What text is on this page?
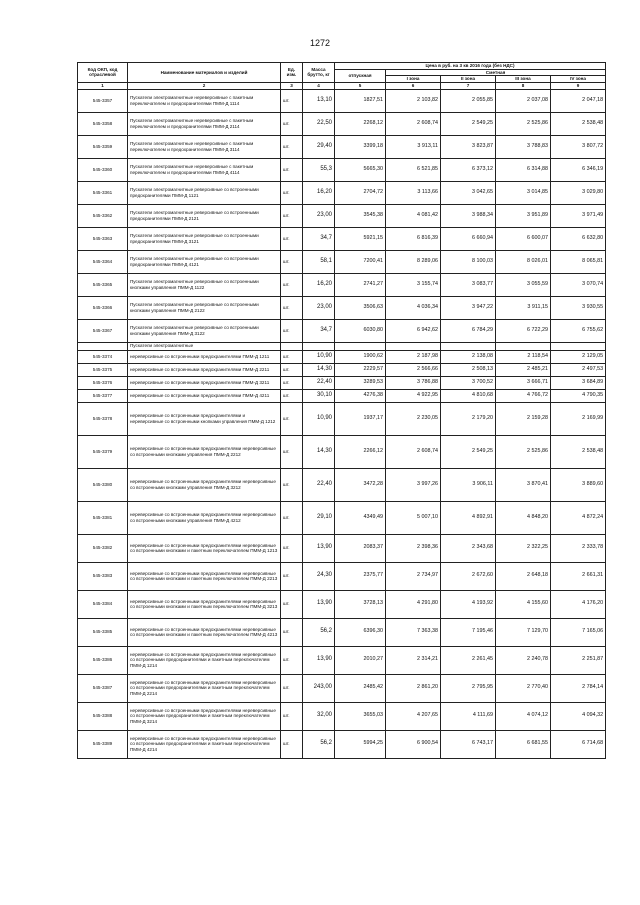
1272
Код ОКП, код отраслевой	Наименование материалов и изделий	Ед. изм.	Масса брутто, кг	Цена в руб. на 3 кв 2016 года (без НДС)				
				отпускная	Сметная			
					I зона	II зона	III зона	IV зона
1	2	3	4	5	6	7	8	9
545-3357	Пускатели электромагнитные нереверсивные с пакетным переключателем и предохранителями ПММ-Д 1114	шт.	13,10	1827,51	2 103,82	2 055,85	2 037,08	2 047,18
545-3358	Пускатели электромагнитные нереверсивные с пакетным переключателем и предохранителями ПММ-Д 2114	шт.	22,50	2268,12	2 608,74	2 549,25	2 525,86	2 538,48
545-3359	Пускатели электромагнитные нереверсивные с пакетным переключателем и предохранителями ПММ-Д 3114	шт.	29,40	3399,18	3 913,11	3 823,87	3 788,83	3 807,72
545-3360	Пускатели электромагнитные нереверсивные с пакетным переключателем и предохранителями ПММ-Д 4114	шт.	55,3	5665,30	6 521,85	6 373,12	6 314,88	6 346,19
545-3361	Пускатели электромагнитные реверсивные со встроенными предохранителями ПММ-Д 1121	шт.	16,20	2704,72	3 113,66	3 042,65	3 014,85	3 029,80
545-3362	Пускатели электромагнитные реверсивные со встроенными предохранителями ПММ-Д 2121	шт.	23,00	3545,38	4 081,42	3 988,34	3 951,89	3 971,49
545-3363	Пускатели электромагнитные реверсивные со встроенными предохранителями ПММ-Д 3121	шт.	34,7	5921,15	6 816,39	6 660,94	6 600,07	6 632,80
545-3364	Пускатели электромагнитные реверсивные со встроенными предохранителями ПММ-Д 4121	шт.	58,1	7200,41	8 289,06	8 100,03	8 026,01	8 065,81
545-3365	Пускатели электромагнитные реверсивные со встроенными кнопками управления ПММ-Д 1122	шт.	16,20	2741,27	3 155,74	3 083,77	3 055,59	3 070,74
545-3366	Пускатели электромагнитные реверсивные со встроенными кнопками управления ПММ-Д 2122	шт.	23,00	3506,63	4 036,34	3 947,22	3 911,15	3 930,55
545-3367	Пускатели электромагнитные реверсивные со встроенными кнопками управления ПММ-Д 3122	шт.	34,7	6030,80	6 942,62	6 784,29	6 722,29	6 755,62
	Пускатели электромагнитные							
545-3374	нереверсивные со встроенными предохранителями ПММ-Д 1211	шт.	10,90	1900,62	2 187,98	2 138,08	2 118,54	2 129,05
545-3375	нереверсивные со встроенными предохранителями ПММ-Д 2211	шт.	14,30	2229,57	2 566,66	2 508,13	2 485,21	2 497,53
545-3376	нереверсивные со встроенными предохранителями ПММ-Д 3211	шт.	22,40	3289,53	3 786,88	3 700,52	3 666,71	3 684,89
545-3377	нереверсивные со встроенными предохранителями ПММ-Д 4211	шт.	30,10	4276,38	4 922,95	4 810,68	4 766,72	4 790,35
545-3378	нереверсивные со встроенными предохранителями и нереверсивные со встроенными кнопками управления ПММ-Д 1212	шт.	10,90	1937,17	2 230,05	2 179,20	2 159,28	2 169,99
545-3379	нереверсивные со встроенными предохранителями нереверсивные со встроенными кнопками управления ПММ-Д 2212	шт.	14,30	2266,12	2 608,74	2 549,25	2 525,86	2 538,48
545-3380	нереверсивные со встроенными предохранителями нереверсивные со встроенными кнопками управления ПММ-Д 3212	шт.	22,40	3472,28	3 997,26	3 906,11	3 870,41	3 889,60
545-3381	нереверсивные со встроенными предохранителями нереверсивные со встроенными кнопками управления ПММ-Д 4212	шт.	29,10	4349,49	5 007,10	4 892,91	4 848,20	4 872,24
545-3382	нереверсивные со встроенными предохранителями нереверсивные со встроенными кнопками и пакетным переключателем ПММ-Д 1213	шт.	13,90	2083,37	2 398,36	2 343,68	2 322,25	2 333,78
545-3383	нереверсивные со встроенными предохранителями нереверсивные со встроенными кнопками и пакетным переключателем ПММ-Д 2213	шт.	24,30	2375,77	2 734,97	2 672,60	2 648,18	2 661,31
545-3384	нереверсивные со встроенными предохранителями нереверсивные со встроенными кнопками и пакетным переключателем ПММ-Д 3213	шт.	13,90	3728,13	4 291,80	4 193,92	4 155,60	4 176,20
545-3385	нереверсивные со встроенными предохранителями нереверсивные со встроенными кнопками и пакетным переключателем ПММ-Д 4213	шт.	56,2	6396,30	7 363,38	7 195,46	7 129,70	7 165,06
545-3386	нереверсивные со встроенными предохранителями нереверсивные со встроенными предохранителями и пакетным переключателем ПММ-Д 1214	шт.	13,90	2010,27	2 314,21	2 261,45	2 240,78	2 251,87
545-3387	нереверсивные со встроенными предохранителями нереверсивные со встроенными предохранителями и пакетным переключателем ПММ-Д 2214	шт.	243,00	2485,42	2 861,20	2 795,95	2 770,40	2 784,14
545-3388	нереверсивные со встроенными предохранителями нереверсивные со встроенными предохранителями и пакетным переключателем ПММ-Д 3214	шт.	32,00	3655,03	4 207,65	4 111,69	4 074,12	4 094,32
545-3389	нереверсивные со встроенными предохранителями нереверсивные со встроенными предохранителями и пакетным переключателем ПММ-Д 4214	шт.	56,2	5994,25	6 900,54	6 743,17	6 681,55	6 714,68
